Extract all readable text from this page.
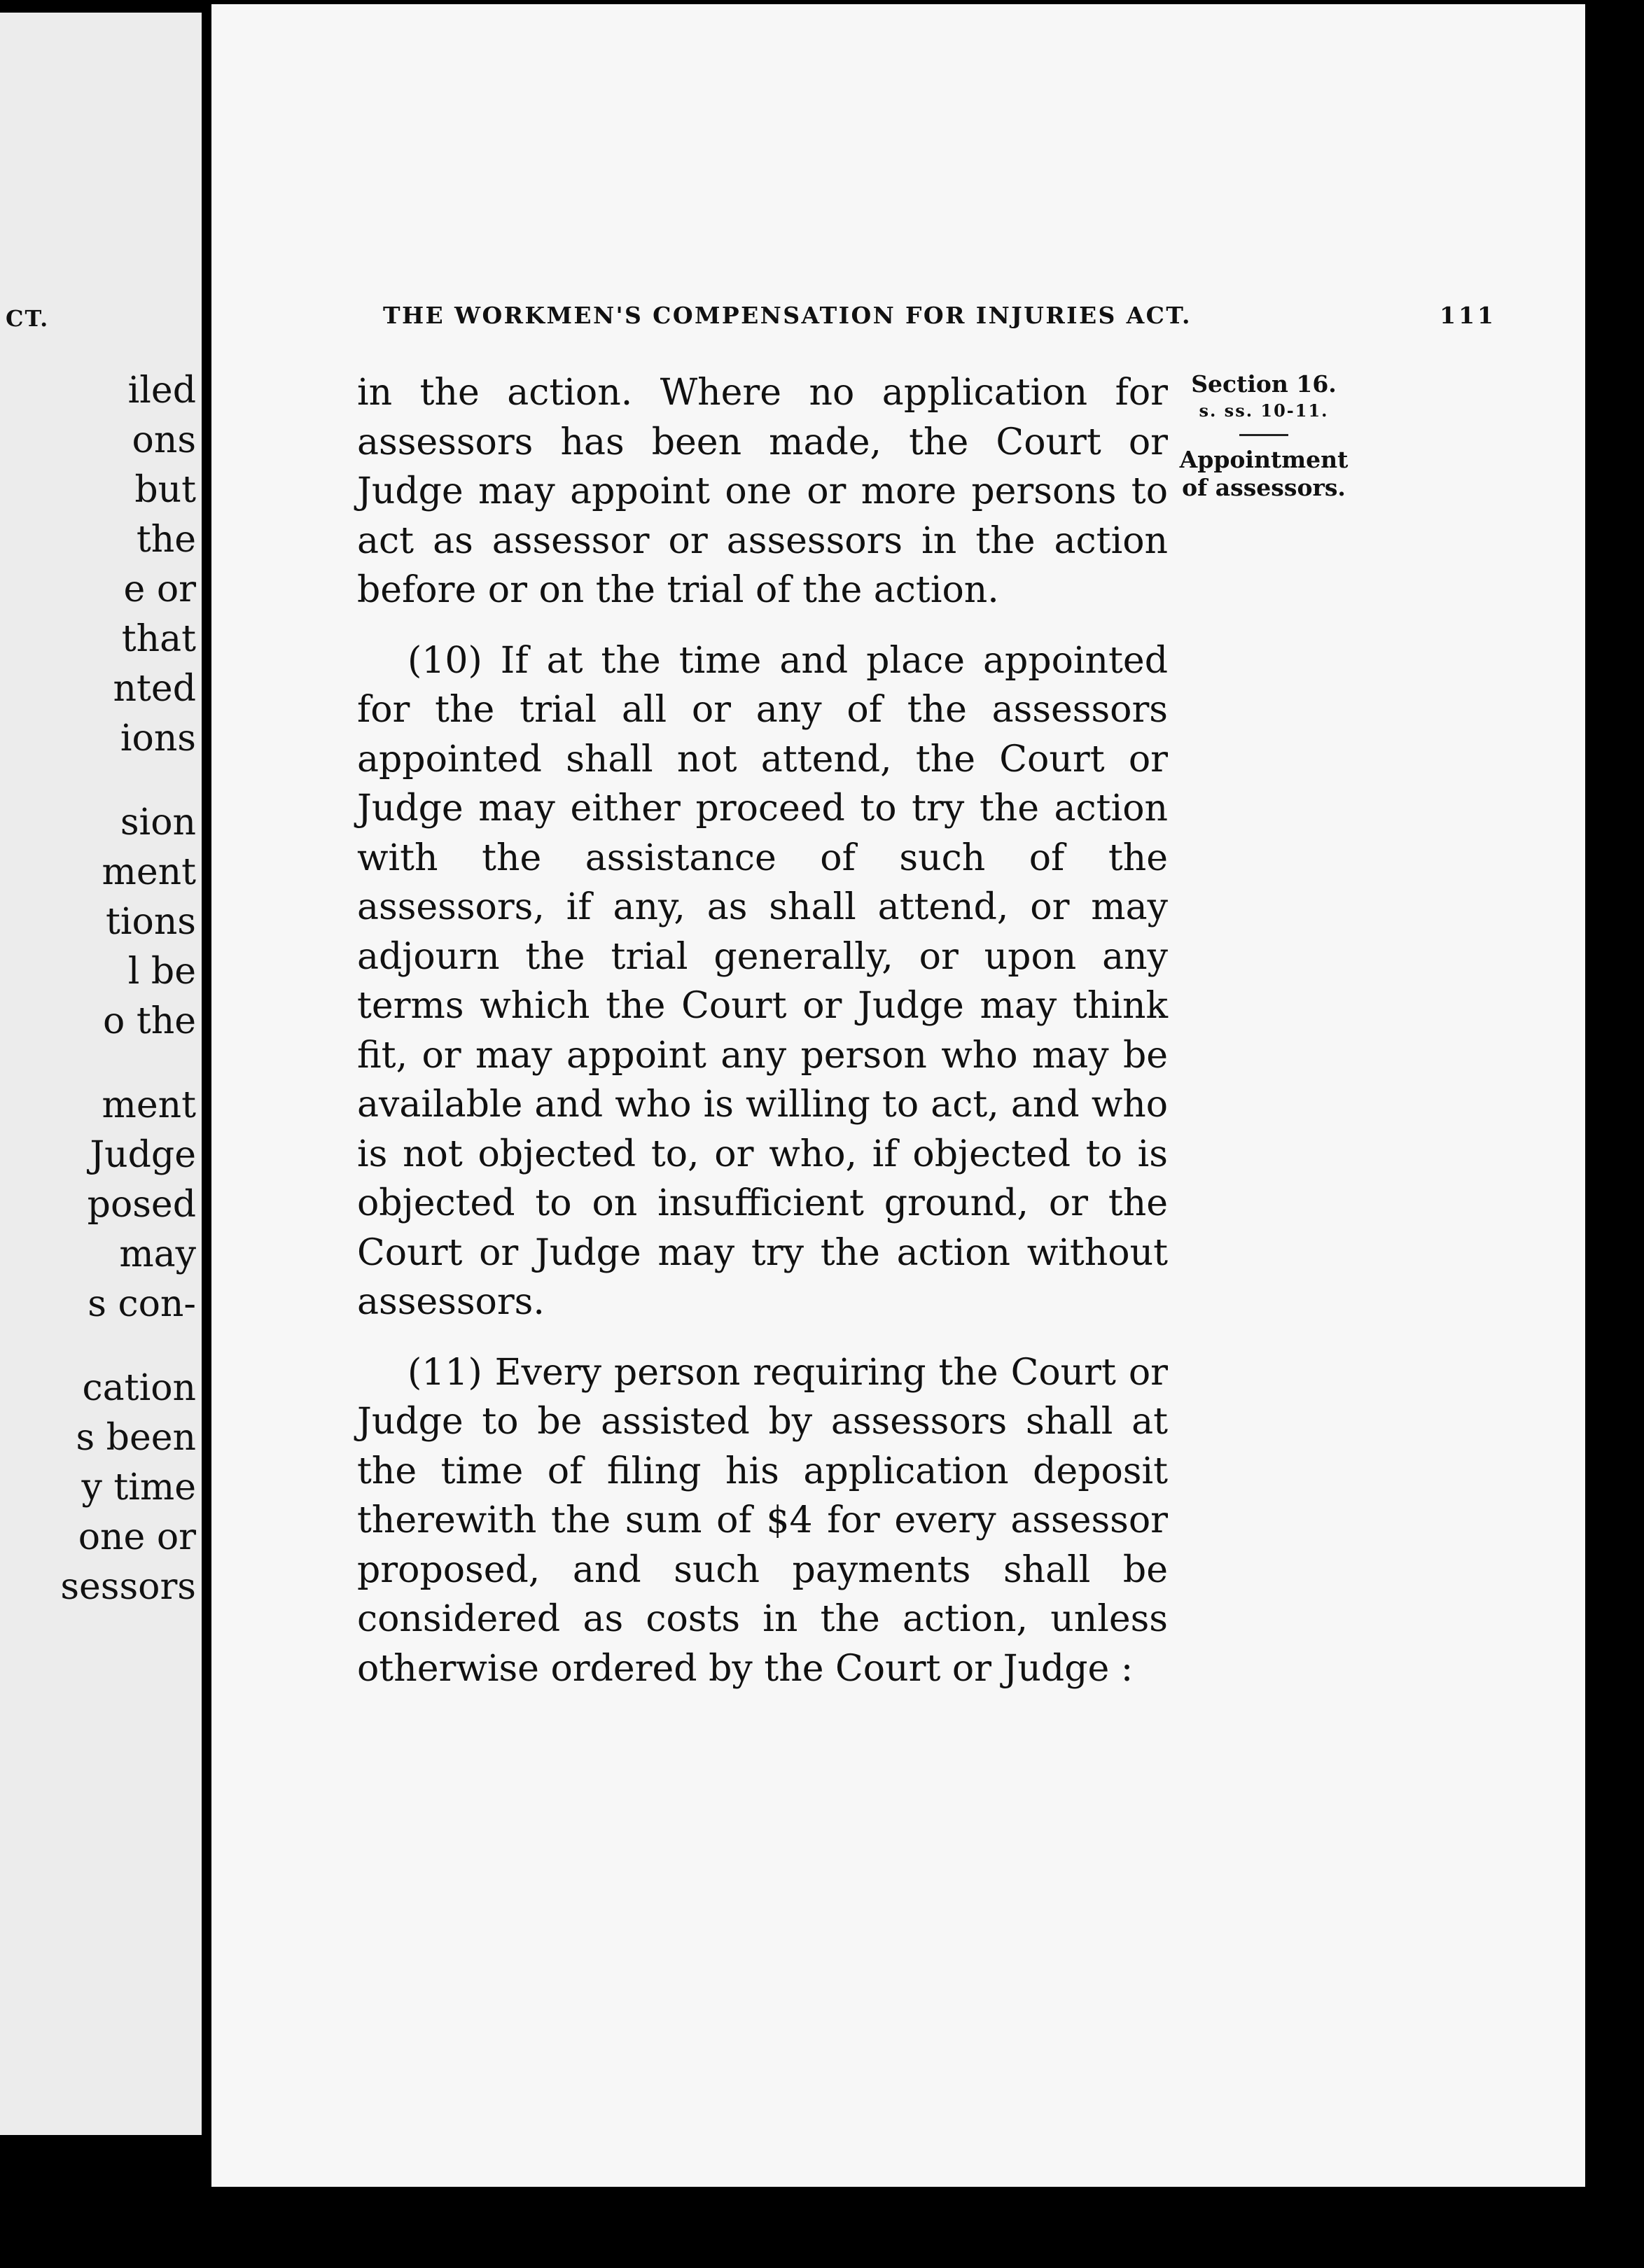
CT.
iled
ons
but
the
e or
that
nted
ions
sion
ment
tions
l be
o the
ment
Judge
posed
may
s con-
cation
s been
y time
one or
sessors
THE WORKMEN'S COMPENSATION FOR INJURIES ACT.	111

in the action. Where no application for assessors has been made, the Court or Judge may appoint one or more persons to act as assessor or assessors in the action before or on the trial of the action.

(10) If at the time and place appointed for the trial all or any of the assessors appointed shall not attend, the Court or Judge may either proceed to try the action with the assistance of such of the assessors, if any, as shall attend, or may adjourn the trial generally, or upon any terms which the Court or Judge may think fit, or may appoint any person who may be available and who is willing to act, and who is not objected to, or who, if objected to is objected to on insufficient ground, or the Court or Judge may try the action without assessors.

(11) Every person requiring the Court or Judge to be assisted by assessors shall at the time of filing his application deposit therewith the sum of $4 for every assessor proposed, and such payments shall be considered as costs in the action, unless otherwise ordered by the Court or Judge :

Section 16.
s. ss. 10-11.
Appointment
of assessors.
